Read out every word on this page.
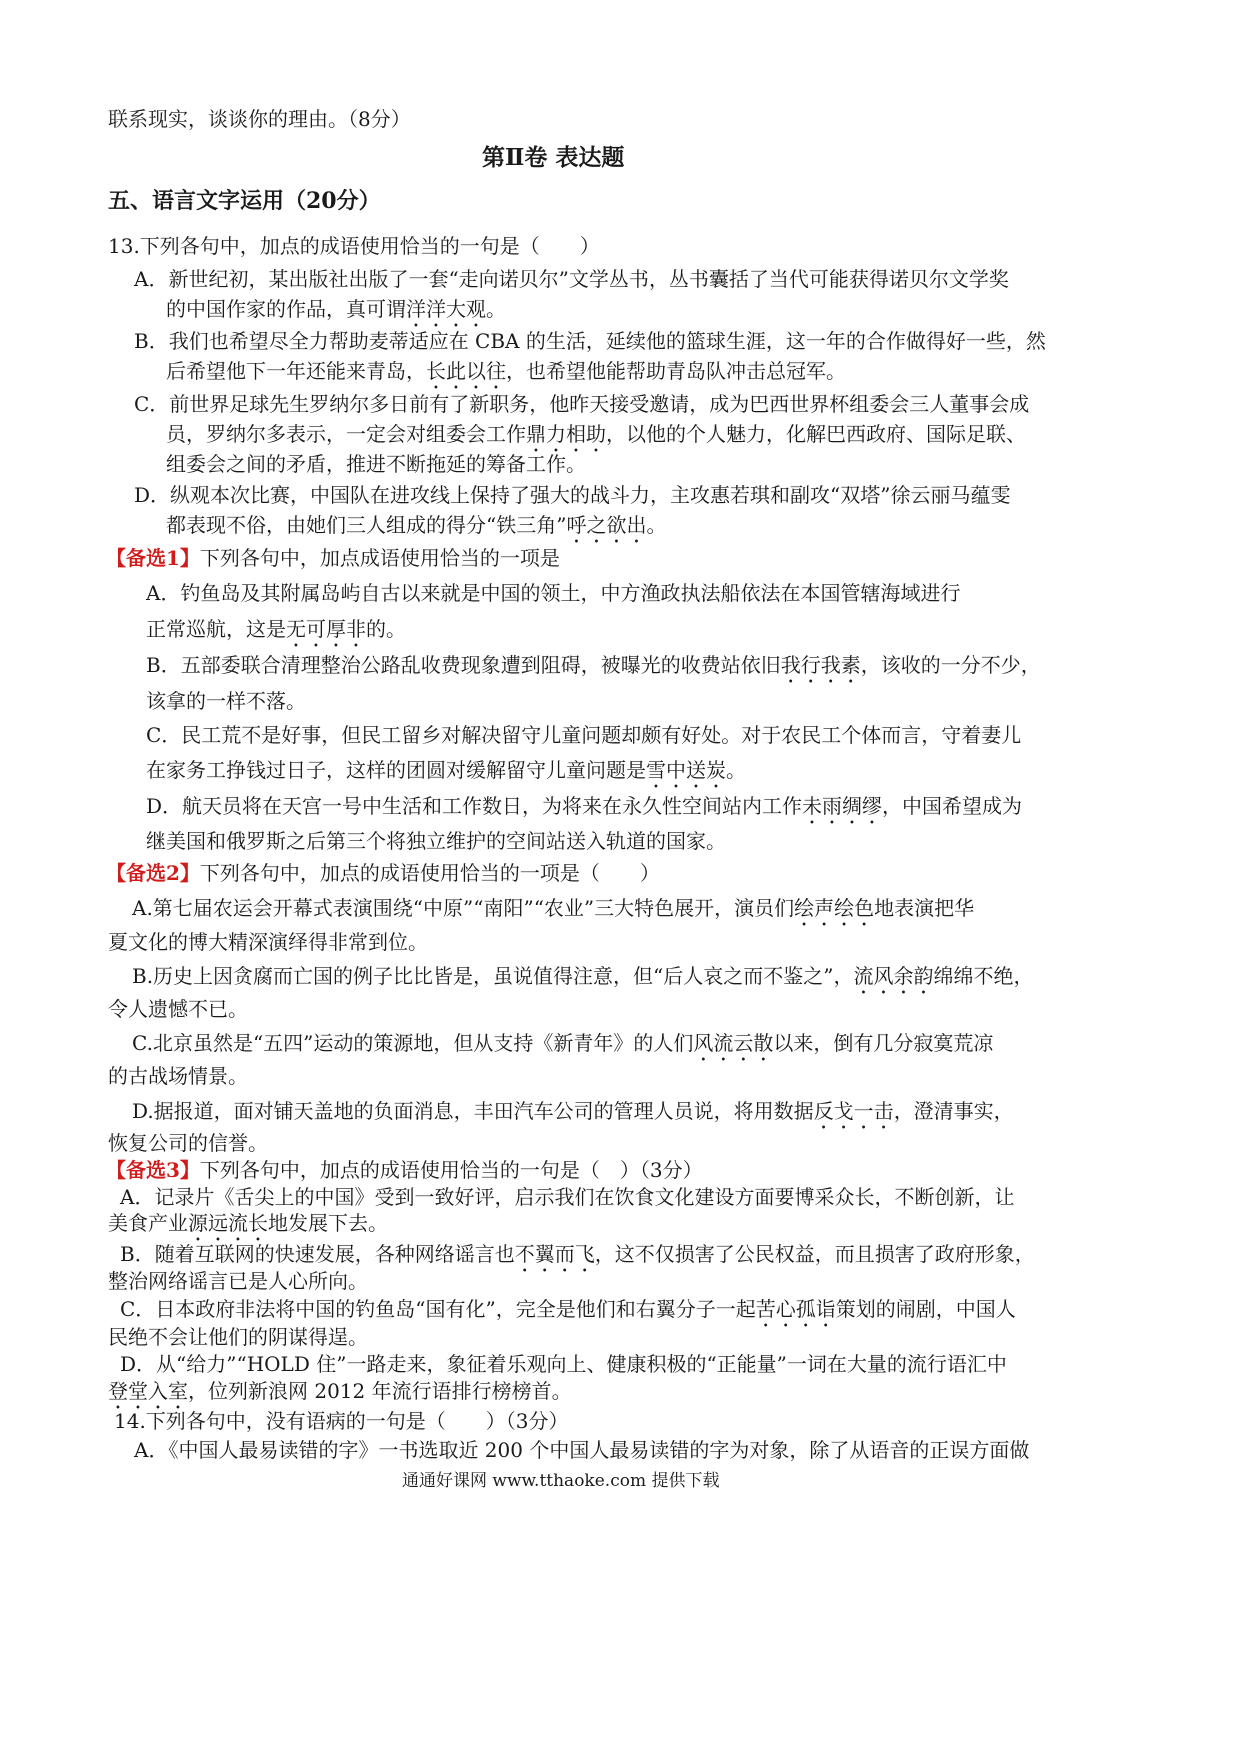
联系现实，谈谈你的理由。（8分）
第Ⅱ卷 表达题
五、语言文字运用（20分）
13.下列各句中，加点的成语使用恰当的一句是（　　）
A．新世纪初，某出版社出版了一套“走向诺贝尔”文学丛书，丛书囊括了当代可能获得诺贝尔文学奖
的中国作家的作品，真可谓洋洋大观。
B．我们也希望尽全力帮助麦蒂适应在 CBA 的生活，延续他的篮球生涯，这一年的合作做得好一些，然
后希望他下一年还能来青岛，长此以往，也希望他能帮助青岛队冲击总冠军。
C．前世界足球先生罗纳尔多日前有了新职务，他昨天接受邀请，成为巴西世界杯组委会三人董事会成
员，罗纳尔多表示，一定会对组委会工作鼎力相助，以他的个人魅力，化解巴西政府、国际足联、
组委会之间的矛盾，推进不断拖延的筹备工作。
D．纵观本次比赛，中国队在进攻线上保持了强大的战斗力，主攻惠若琪和副攻“双塔”徐云丽马蕴雯
都表现不俗，由她们三人组成的得分“铁三角”呼之欲出。
【备选1】下列各句中，加点成语使用恰当的一项是
A．钓鱼岛及其附属岛屿自古以来就是中国的领土，中方渔政执法船依法在本国管辖海域进行
正常巡航，这是无可厚非的。
B．五部委联合清理整治公路乱收费现象遭到阻碍，被曝光的收费站依旧我行我素，该收的一分不少，
该拿的一样不落。
C．民工荒不是好事，但民工留乡对解决留守儿童问题却颇有好处。对于农民工个体而言，守着妻儿
在家务工挣钱过日子，这样的团圆对缓解留守儿童问题是雪中送炭。
D．航天员将在天宫一号中生活和工作数日，为将来在永久性空间站内工作未雨绸缪，中国希望成为
继美国和俄罗斯之后第三个将独立维护的空间站送入轨道的国家。
【备选2】下列各句中，加点的成语使用恰当的一项是（　　）
A.第七届农运会开幕式表演围绕“中原”“南阳”“农业”三大特色展开，演员们绘声绘色地表演把华
夏文化的博大精深演绎得非常到位。
B.历史上因贪腐而亡国的例子比比皆是，虽说值得注意，但“后人哀之而不鉴之”，流风余韵绵绵不绝，
令人遗憾不已。
C.北京虽然是“五四”运动的策源地，但从支持《新青年》的人们风流云散以来，倒有几分寂寞荒凉
的古战场情景。
D.据报道，面对铺天盖地的负面消息，丰田汽车公司的管理人员说，将用数据反戈一击，澄清事实，
恢复公司的信誉。
【备选3】下列各句中，加点的成语使用恰当的一句是（　）（3分）
A．记录片《舌尖上的中国》受到一致好评，启示我们在饮食文化建设方面要博采众长，不断创新，让
美食产业源远流长地发展下去。
B．随着互联网的快速发展，各种网络谣言也不翼而飞，这不仅损害了公民权益，而且损害了政府形象，
整治网络谣言已是人心所向。
C．日本政府非法将中国的钓鱼岛“国有化”，完全是他们和右翼分子一起苦心孤诣策划的闹剧，中国人
民绝不会让他们的阴谋得逞。
D．从“给力”“HOLD 住”一路走来，象征着乐观向上、健康积极的“正能量”一词在大量的流行语汇中
登堂入室，位列新浪网 2012 年流行语排行榜榜首。
14.下列各句中，没有语病的一句是（　　）（3分）
A．《中国人最易读错的字》一书选取近 200 个中国人最易读错的字为对象，除了从语音的正误方面做
通通好课网 www.tthaoke.com 提供下载
